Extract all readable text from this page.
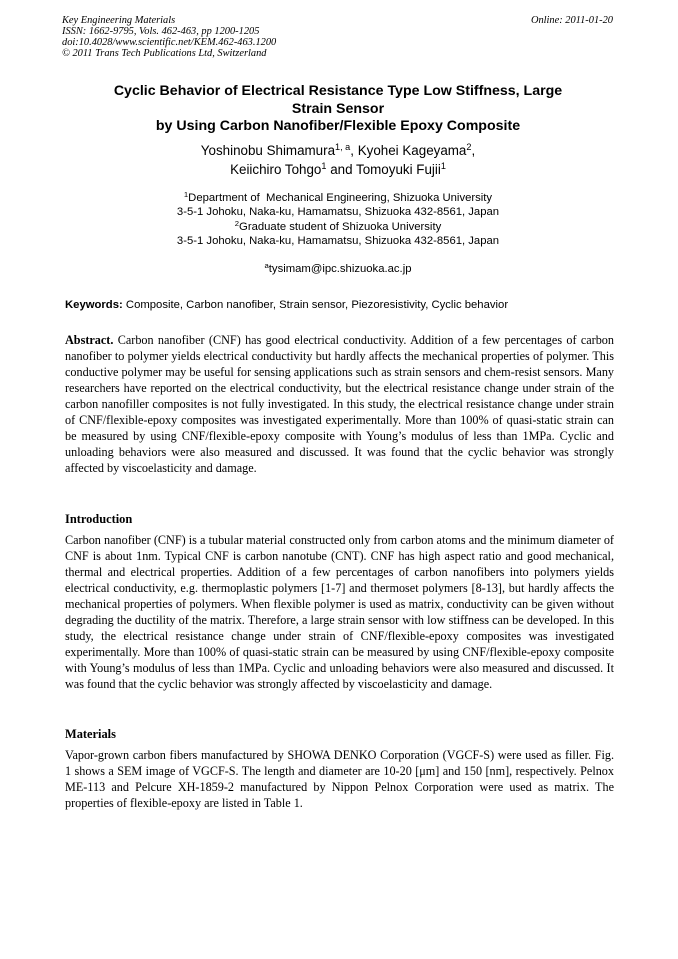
Key Engineering Materials
ISSN: 1662-9795, Vols. 462-463, pp 1200-1205
doi:10.4028/www.scientific.net/KEM.462-463.1200
© 2011 Trans Tech Publications Ltd, Switzerland
Online: 2011-01-20
Cyclic Behavior of Electrical Resistance Type Low Stiffness, Large
Strain Sensor
by Using Carbon Nanofiber/Flexible Epoxy Composite
Yoshinobu Shimamura$^{1, a}$, Kyohei Kageyama$^2$,
Keiichiro Tohgo$^1$ and Tomoyuki Fujii$^1$
$^1$Department of  Mechanical Engineering, Shizuoka University
3-5-1 Johoku, Naka-ku, Hamamatsu, Shizuoka 432-8561, Japan
$^2$Graduate student of Shizuoka University
3-5-1 Johoku, Naka-ku, Hamamatsu, Shizuoka 432-8561, Japan
$^a$tysimam@ipc.shizuoka.ac.jp
Keywords: Composite, Carbon nanofiber, Strain sensor, Piezoresistivity, Cyclic behavior
Abstract. Carbon nanofiber (CNF) has good electrical conductivity. Addition of a few percentages of carbon nanofiber to polymer yields electrical conductivity but hardly affects the mechanical properties of polymer. This conductive polymer may be useful for sensing applications such as strain sensors and chem-resist sensors. Many researchers have reported on the electrical conductivity, but the electrical resistance change under strain of the carbon nanofiller composites is not fully investigated. In this study, the electrical resistance change under strain of CNF/flexible-epoxy composites was investigated experimentally. More than 100% of quasi-static strain can be measured by using CNF/flexible-epoxy composite with Young’s modulus of less than 1MPa. Cyclic and unloading behaviors were also measured and discussed. It was found that the cyclic behavior was strongly affected by viscoelasticity and damage.
Introduction
Carbon nanofiber (CNF) is a tubular material constructed only from carbon atoms and the minimum diameter of CNF is about 1nm. Typical CNF is carbon nanotube (CNT). CNF has high aspect ratio and good mechanical, thermal and electrical properties. Addition of a few percentages of carbon nanofibers into polymers yields electrical conductivity, e.g. thermoplastic polymers [1-7] and thermoset polymers [8-13], but hardly affects the mechanical properties of polymers. When flexible polymer is used as matrix, conductivity can be given without degrading the ductility of the matrix. Therefore, a large strain sensor with low stiffness can be developed. In this study, the electrical resistance change under strain of CNF/flexible-epoxy composites was investigated experimentally. More than 100% of quasi-static strain can be measured by using CNF/flexible-epoxy composite with Young’s modulus of less than 1MPa. Cyclic and unloading behaviors were also measured and discussed. It was found that the cyclic behavior was strongly affected by viscoelasticity and damage.
Materials
Vapor-grown carbon fibers manufactured by SHOWA DENKO Corporation (VGCF-S) were used as filler. Fig. 1 shows a SEM image of VGCF-S. The length and diameter are 10-20 [μm] and 150 [nm], respectively. Pelnox ME-113 and Pelcure XH-1859-2 manufactured by Nippon Pelnox Corporation were used as matrix. The properties of flexible-epoxy are listed in Table 1.
